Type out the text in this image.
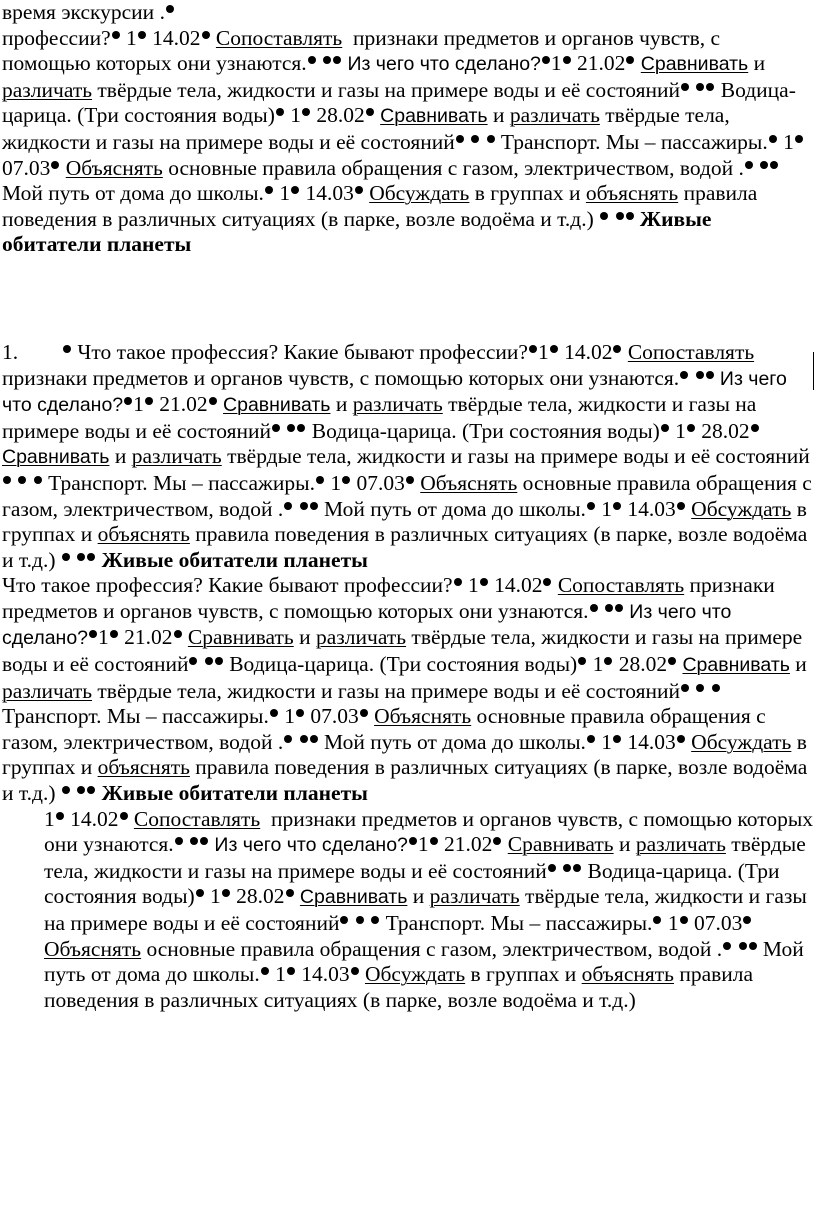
время экскурсии .
профессии? 1 14.02 Сопоставлять признаки предметов и органов чувств, с помощью которых они узнаются. Из чего что сделано? 1 21.02 Сравнивать и различать твёрдые тела, жидкости и газы на примере воды и её состояний Водица-царица. (Три состояния воды) 1 28.02 Сравнивать и различать твёрдые тела, жидкости и газы на примере воды и её состояний Транспорт. Мы – пассажиры. 1 07.03 Объяснять основные правила обращения с газом, электричеством, водой .  Мой путь от дома до школы. 1 14.03 Обсуждать в группах и объяснять правила поведения в различных ситуациях (в парке, возле водоёма и т.д.) Живые обитатели планеты

1.	Что такое профессия? Какие бывают профессии? 1 14.02 Сопоставлять признаки предметов и органов чувств, с помощью которых они узнаются. Из чего что сделано? 1 21.02 Сравнивать и различать твёрдые тела, жидкости и газы на примере воды и её состояний Водица-царица. (Три состояния воды) 1 28.02 Сравнивать и различать твёрдые тела, жидкости и газы на примере воды и её состояний   Транспорт. Мы – пассажиры. 1 07.03 Объяснять основные правила обращения с газом, электричеством, водой . Мой путь от дома до школы. 1 14.03 Обсуждать в группах и объяснять правила поведения в различных ситуациях (в парке, возле водоёма и т.д.) Живые обитатели планеты

Что такое профессия? Какие бывают профессии? 1 14.02 Сопоставлять признаки предметов и органов чувств, с помощью которых они узнаются. Из чего что сделано? 1 21.02 Сравнивать и различать твёрдые тела, жидкости и газы на примере воды и её состояний Водица-царица. (Три состояния воды) 1 28.02 Сравнивать и различать твёрдые тела, жидкости и газы на примере воды и её состояний   Транспорт. Мы – пассажиры. 1 07.03 Объяснять основные правила обращения с газом, электричеством, водой . Мой путь от дома до школы. 1 14.03 Обсуждать в группах и объяснять правила поведения в различных ситуациях (в парке, возле водоёма и т.д.) Живые обитатели планеты

1 14.02 Сопоставлять признаки предметов и органов чувств, с помощью которых они узнаются. Из чего что сделано? 1 21.02 Сравнивать и различать твёрдые тела, жидкости и газы на примере воды и её состояний Водица-царица. (Три состояния воды) 1 28.02 Сравнивать и различать твёрдые тела, жидкости и газы на примере воды и её состояний Транспорт. Мы – пассажиры. 1 07.03 Объяснять основные правила обращения с газом, электричеством, водой . Мой путь от дома до школы. 1 14.03 Обсуждать в группах и объяснять правила поведения в различных ситуациях (в парке, возле водоёма и т.д.)
